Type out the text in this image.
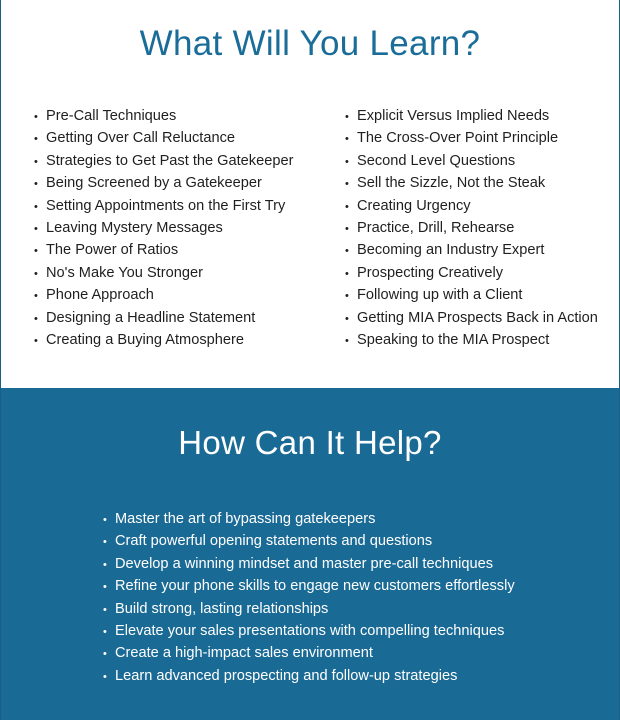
What Will You Learn?
• Pre-Call Techniques
• Getting Over Call Reluctance
• Strategies to Get Past the Gatekeeper
• Being Screened by a Gatekeeper
• Setting Appointments on the First Try
• Leaving Mystery Messages
• The Power of Ratios
• No's Make You Stronger
• Phone Approach
• Designing a Headline Statement
• Creating a Buying Atmosphere
• Explicit Versus Implied Needs
• The Cross-Over Point Principle
• Second Level Questions
• Sell the Sizzle, Not the Steak
• Creating Urgency
• Practice, Drill, Rehearse
• Becoming an Industry Expert
• Prospecting Creatively
• Following up with a Client
• Getting MIA Prospects Back in Action
• Speaking to the MIA Prospect
How Can It Help?
• Master the art of bypassing gatekeepers
• Craft powerful opening statements and questions
• Develop a winning mindset and master pre-call techniques
• Refine your phone skills to engage new customers effortlessly
• Build strong, lasting relationships
• Elevate your sales presentations with compelling techniques
• Create a high-impact sales environment
• Learn advanced prospecting and follow-up strategies
